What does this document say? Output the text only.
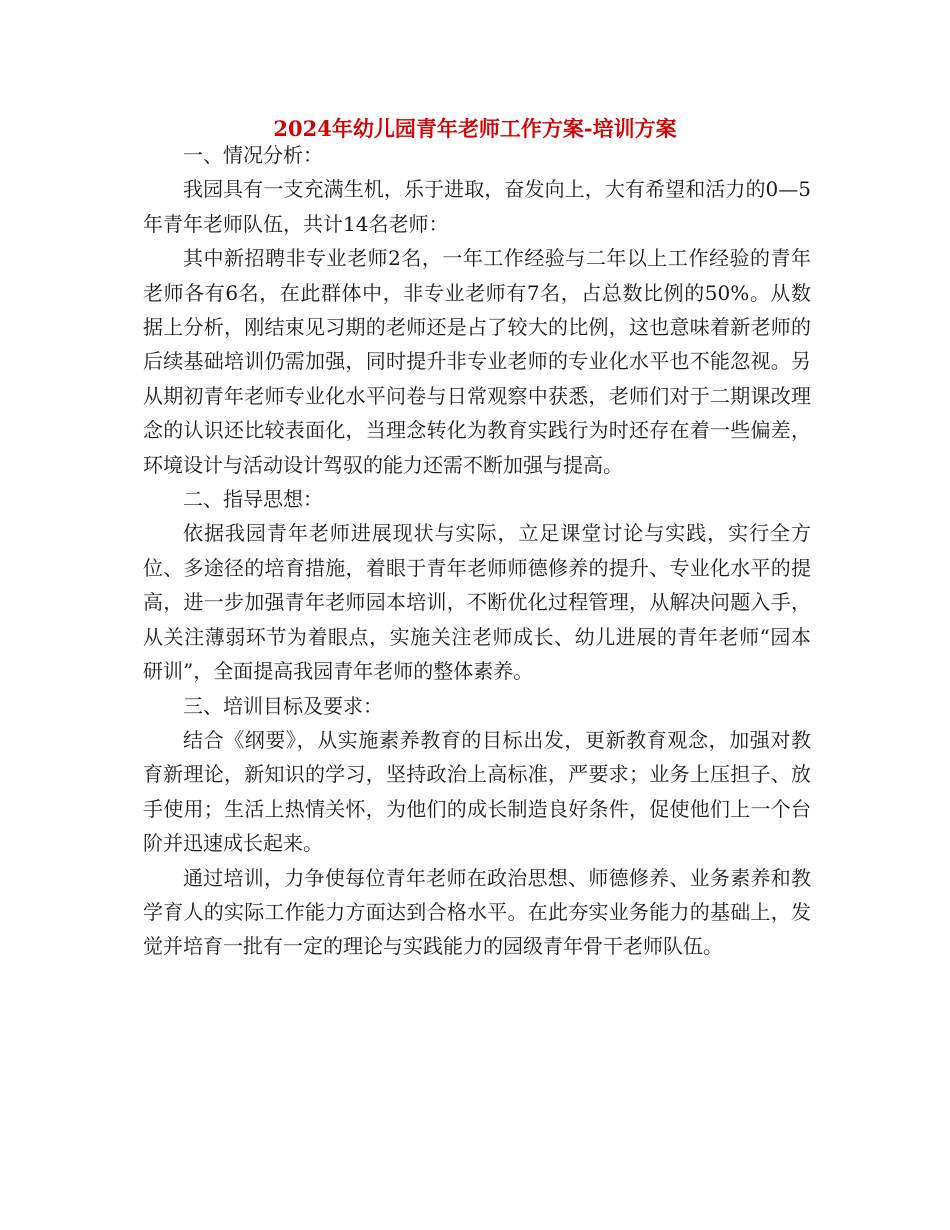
2024年幼儿园青年老师工作方案-培训方案

一、情况分析：

我园具有一支充满生机，乐于进取，奋发向上，大有希望和活力的0—5年青年老师队伍，共计14名老师：

其中新招聘非专业老师2名，一年工作经验与二年以上工作经验的青年老师各有6名，在此群体中，非专业老师有7名，占总数比例的50%。从数据上分析，刚结束见习期的老师还是占了较大的比例，这也意味着新老师的后续基础培训仍需加强，同时提升非专业老师的专业化水平也不能忽视。另从期初青年老师专业化水平问卷与日常观察中获悉，老师们对于二期课改理念的认识还比较表面化，当理念转化为教育实践行为时还存在着一些偏差，环境设计与活动设计驾驭的能力还需不断加强与提高。

二、指导思想：

依据我园青年老师进展现状与实际，立足课堂讨论与实践，实行全方位、多途径的培育措施，着眼于青年老师师德修养的提升、专业化水平的提高，进一步加强青年老师园本培训，不断优化过程管理，从解决问题入手，从关注薄弱环节为着眼点，实施关注老师成长、幼儿进展的青年老师“园本研训”，全面提高我园青年老师的整体素养。

三、培训目标及要求：

结合《纲要》，从实施素养教育的目标出发，更新教育观念，加强对教育新理论，新知识的学习，坚持政治上高标准，严要求；业务上压担子、放手使用；生活上热情关怀，为他们的成长制造良好条件，促使他们上一个台阶并迅速成长起来。

通过培训，力争使每位青年老师在政治思想、师德修养、业务素养和教学育人的实际工作能力方面达到合格水平。在此夯实业务能力的基础上，发觉并培育一批有一定的理论与实践能力的园级青年骨干老师队伍。
